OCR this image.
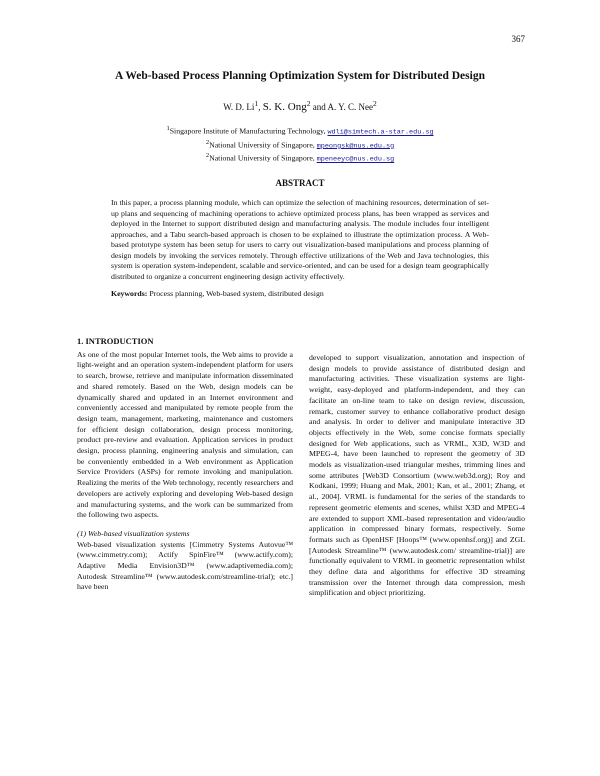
367
A Web-based Process Planning Optimization System for Distributed Design
W. D. Li$^1$, S. K. Ong$^2$ and A. Y. C. Nee$^2$
$^1$Singapore Institute of Manufacturing Technology, wdli@simtech.a-star.edu.sg
$^2$National University of Singapore, mpeongsk@nus.edu.sg
$^2$National University of Singapore, mpeneeyc@nus.edu.sg
ABSTRACT
In this paper, a process planning module, which can optimize the selection of machining resources, determination of set-up plans and sequencing of machining operations to achieve optimized process plans, has been wrapped as services and deployed in the Internet to support distributed design and manufacturing analysis. The module includes four intelligent approaches, and a Tabu search-based approach is chosen to be explained to illustrate the optimization process. A Web-based prototype system has been setup for users to carry out visualization-based manipulations and process planning of design models by invoking the services remotely. Through effective utilizations of the Web and Java technologies, this system is operation system-independent, scalable and service-oriented, and can be used for a design team geographically distributed to organize a concurrent engineering design activity effectively.
Keywords: Process planning, Web-based system, distributed design
1. INTRODUCTION

As one of the most popular Internet tools, the Web aims to provide a light-weight and an operation system-independent platform for users to search, browse, retrieve and manipulate information disseminated and shared remotely. Based on the Web, design models can be dynamically shared and updated in an Internet environment and conveniently accessed and manipulated by remote people from the design team, management, marketing, maintenance and customers for efficient design collaboration, design process monitoring, product pre-review and evaluation. Application services in product design, process planning, engineering analysis and simulation, can be conveniently embedded in a Web environment as Application Service Providers (ASPs) for remote invoking and manipulation. Realizing the merits of the Web technology, recently researchers and developers are actively exploring and developing Web-based design and manufacturing systems, and the work can be summarized from the following two aspects.

(1) Web-based visualization systems

Web-based visualization systems [Cimmetry Systems Autovue™ (www.cimmetry.com); Actify SpinFire™ (www.actify.com); Adaptive Media Envision3D™ (www.adaptivemedia.com); Autodesk Streamline™ (www.autodesk.com/streamline-trial); etc.] have been

developed to support visualization, annotation and inspection of design models to provide assistance of distributed design and manufacturing activities. These visualization systems are light-weight, easy-deployed and platform-independent, and they can facilitate an on-line team to take on design review, discussion, remark, customer survey to enhance collaborative product design and analysis. In order to deliver and manipulate interactive 3D objects effectively in the Web, some concise formats specially designed for Web applications, such as VRML, X3D, W3D and MPEG-4, have been launched to represent the geometry of 3D models as visualization-used triangular meshes, trimming lines and some attributes [Web3D Consortium (www.web3d.org); Roy and Kodkani, 1999; Huang and Mak, 2001; Kan, et al., 2001; Zhang, et al., 2004]. VRML is fundamental for the series of the standards to represent geometric elements and scenes, whilst X3D and MPEG-4 are extended to support XML-based representation and video/audio application in compressed binary formats, respectively. Some formats such as OpenHSF [Hoops™ (www.openhsf.org)] and ZGL [Autodesk Streamline™ (www.autodesk.com/ streamline-trial)] are functionally equivalent to VRML in geometric representation whilst they define data and algorithms for effective 3D streaming transmission over the Internet through data compression, mesh simplification and object prioritizing.
